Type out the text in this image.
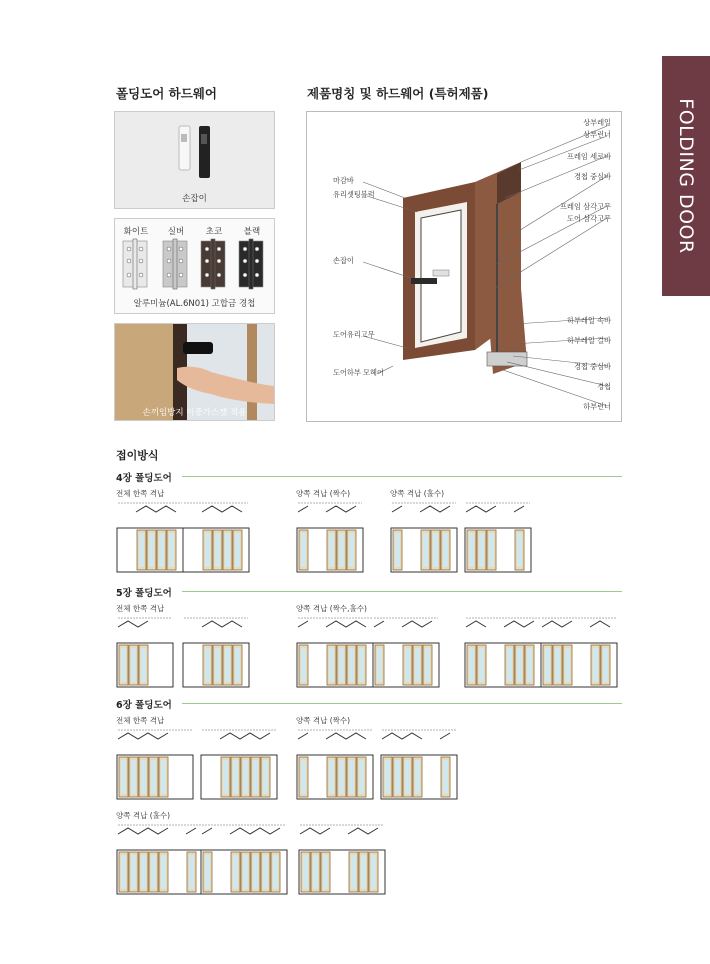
FOLDING DOOR
폴딩도어 하드웨어
손잡이
화이트	실버	초코	블랙
알루미늄(AL.6N01) 고합금 경첩
손끼임방지 이중가스켓 적용
제품명칭 및 하드웨어 (특허제품)
마감바
유리셋팅블럭
손잡이
도어유리고무
도어하부 모헤어
상부레일
상부런너
프레임 세로바
경첩 중심바
프레임 삼각고무
도어 삼각고무
하부레일 속바
하부레일 걸바
경첩 중심바
경첩
하부런너
접이방식
4장 폴딩도어
전체 한쪽 격납	양쪽 격납 (짝수)	양쪽 격납 (홀수)
5장 폴딩도어
전체 한쪽 격납	양쪽 격납 (짝수,홀수)
6장 폴딩도어
전체 한쪽 격납	양쪽 격납 (짝수)
양쪽 격납 (홀수)
